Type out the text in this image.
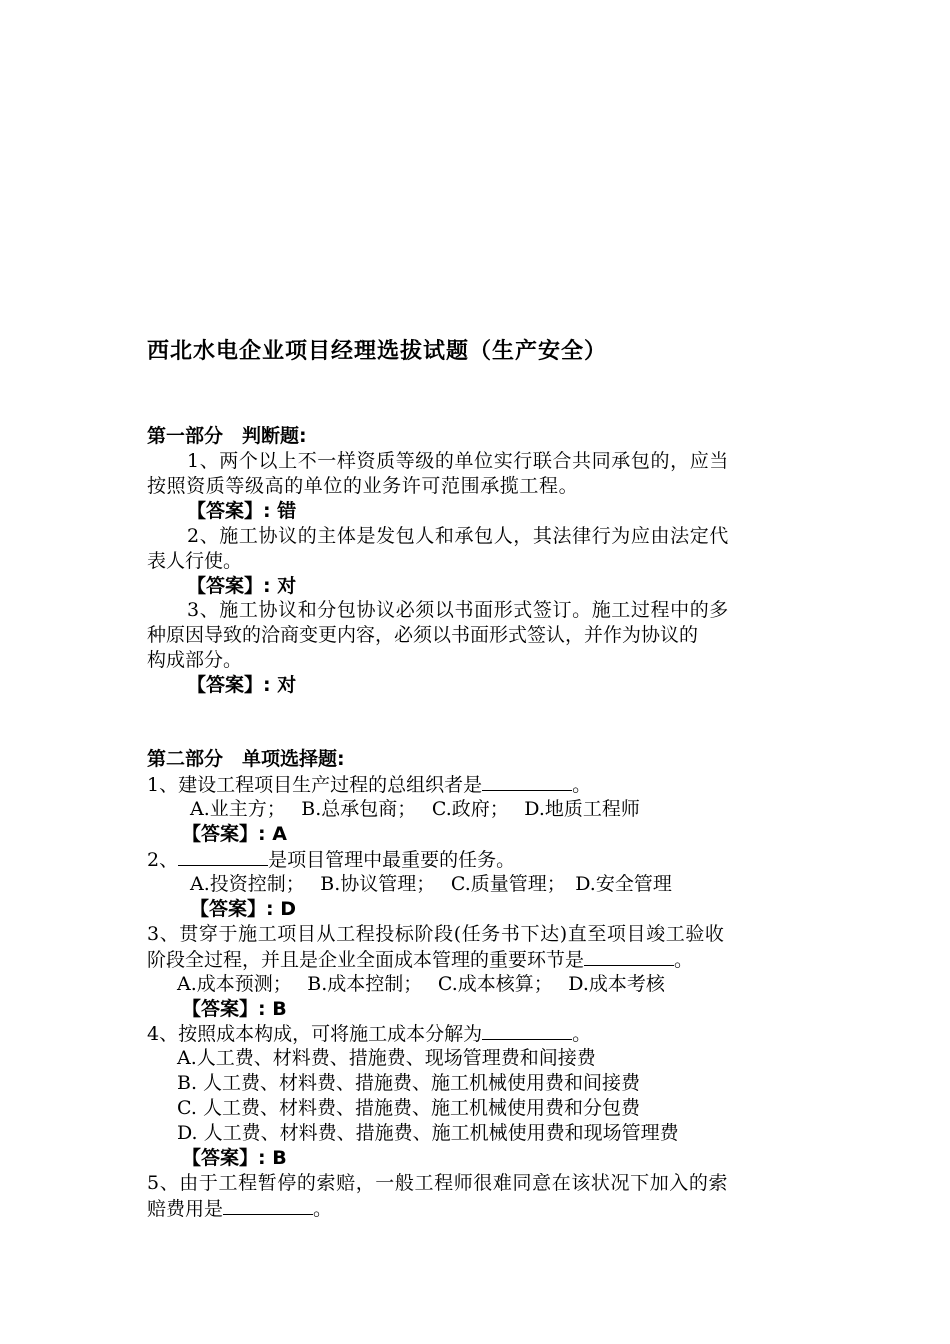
西北水电企业项目经理选拔试题（生产安全）
第一部分　判断题:
1、两个以上不一样资质等级的单位实行联合共同承包的，应当
按照资质等级高的单位的业务许可范围承揽工程。
【答案】: 错
2、施工协议的主体是发包人和承包人，其法律行为应由法定代
表人行使。
【答案】: 对
3、施工协议和分包协议必须以书面形式签订。施工过程中的多
种原因导致的洽商变更内容，必须以书面形式签认，并作为协议的
构成部分。
【答案】: 对
第二部分　单项选择题:
1、建设工程项目生产过程的总组织者是	。
A.业主方；　 B.总承包商；　 C.政府；　 D.地质工程师
【答案】: A
2、	是项目管理中最重要的任务。
A.投资控制；　 B.协议管理；　 C.质量管理；　D.安全管理
【答案】: D
3、贯穿于施工项目从工程投标阶段(任务书下达)直至项目竣工验收
阶段全过程，并且是企业全面成本管理的重要环节是	。
A.成本预测；　 B.成本控制；　 C.成本核算；　 D.成本考核
【答案】: B
4、按照成本构成，可将施工成本分解为	。
A.人工费、材料费、措施费、现场管理费和间接费
B. 人工费、材料费、措施费、施工机械使用费和间接费
C. 人工费、材料费、措施费、施工机械使用费和分包费
D. 人工费、材料费、措施费、施工机械使用费和现场管理费
【答案】: B
5、由于工程暂停的索赔，一般工程师很难同意在该状况下加入的索
赔费用是	。
